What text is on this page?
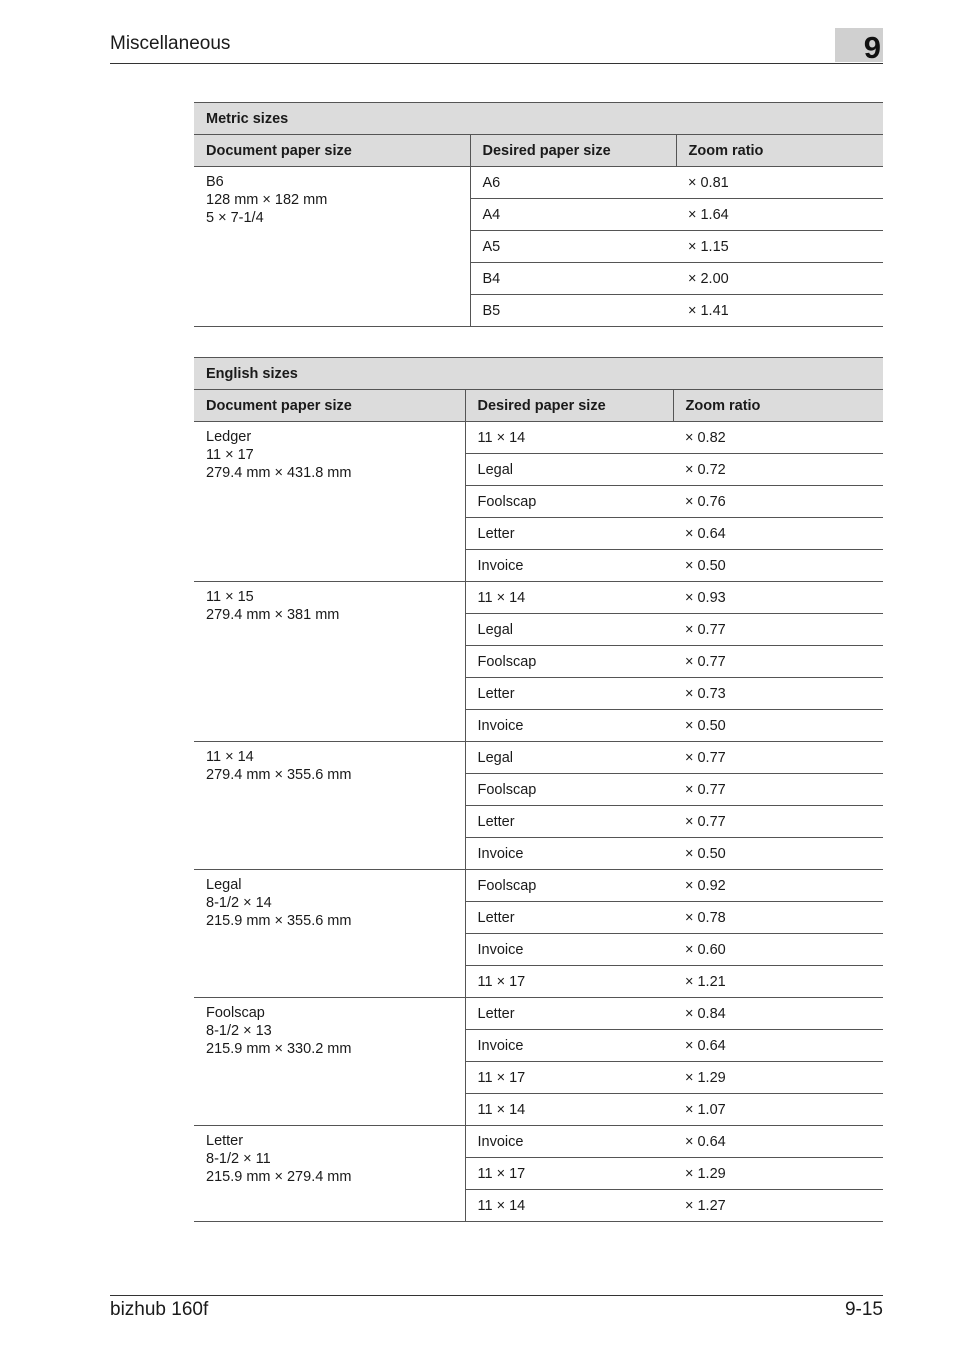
Miscellaneous	9
Metric sizes		
Document paper size	Desired paper size	Zoom ratio

B6
128 mm × 182 mm
5 × 7-1/4	A6	× 0.81
	A4	× 1.64
	A5	× 1.15
	B4	× 2.00
	B5	× 1.41
English sizes		
Document paper size	Desired paper size	Zoom ratio

Ledger
11 × 17
279.4 mm × 431.8 mm	11 × 14	× 0.82
	Legal	× 0.72
	Foolscap	× 0.76
	Letter	× 0.64
	Invoice	× 0.50

11 × 15
279.4 mm × 381 mm	11 × 14	× 0.93
	Legal	× 0.77
	Foolscap	× 0.77
	Letter	× 0.73
	Invoice	× 0.50

11 × 14
279.4 mm × 355.6 mm	Legal	× 0.77
	Foolscap	× 0.77
	Letter	× 0.77
	Invoice	× 0.50

Legal
8-1/2 × 14
215.9 mm × 355.6 mm	Foolscap	× 0.92
	Letter	× 0.78
	Invoice	× 0.60
	11 × 17	× 1.21

Foolscap
8-1/2 × 13
215.9 mm × 330.2 mm	Letter	× 0.84
	Invoice	× 0.64
	11 × 17	× 1.29
	11 × 14	× 1.07

Letter
8-1/2 × 11
215.9 mm × 279.4 mm	Invoice	× 0.64
	11 × 17	× 1.29
	11 × 14	× 1.27
bizhub 160f	9-15
